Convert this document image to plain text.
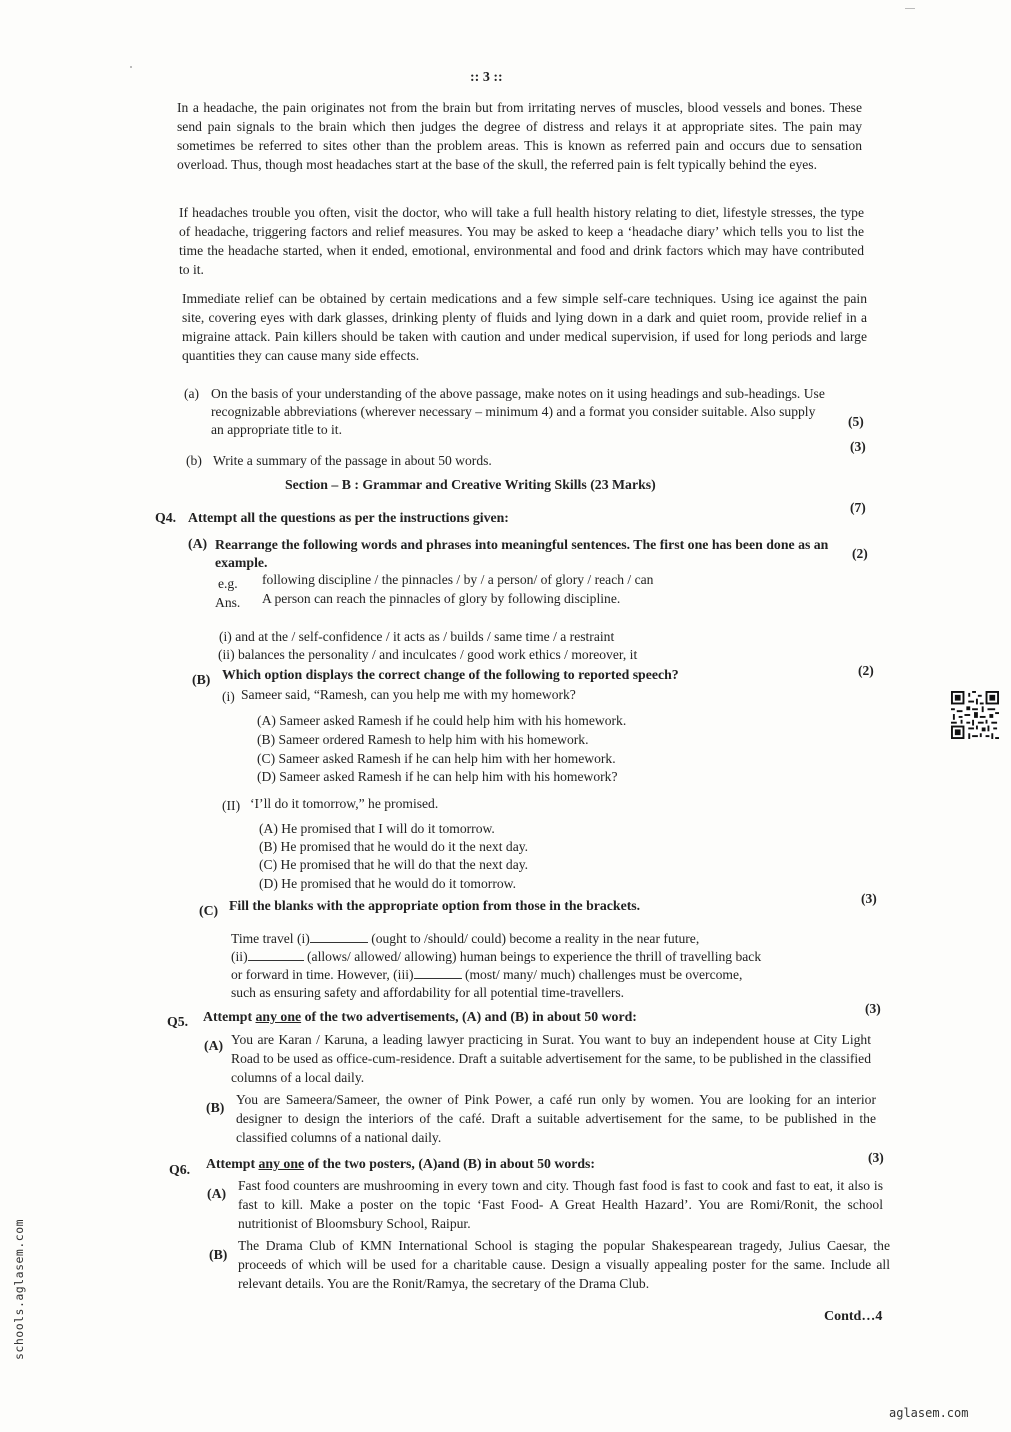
:: 3 ::
In a headache, the pain originates not from the brain but from irritating nerves of muscles, blood vessels and bones. These send pain signals to the brain which then judges the degree of distress and relays it at appropriate sites. The pain may sometimes be referred to sites other than the problem areas. This is known as referred pain and occurs due to sensation overload. Thus, though most headaches start at the base of the skull, the referred pain is felt typically behind the eyes.
If headaches trouble you often, visit the doctor, who will take a full health history relating to diet, lifestyle stresses, the type of headache, triggering factors and relief measures. You may be asked to keep a ‘headache diary’ which tells you to list the time the headache started, when it ended, emotional, environmental and food and drink factors which may have contributed to it.
Immediate relief can be obtained by certain medications and a few simple self-care techniques. Using ice against the pain site, covering eyes with dark glasses, drinking plenty of fluids and lying down in a dark and quiet room, provide relief in a migraine attack. Pain killers should be taken with caution and under medical supervision, if used for long periods and large quantities they can cause many side effects.
(a) On the basis of your understanding of the above passage, make notes on it using headings and sub-headings. Use recognizable abbreviations (wherever necessary – minimum 4) and a format you consider suitable. Also supply an appropriate title to it.
(5)
(b) Write a summary of the passage in about 50 words.
(3)
Section – B : Grammar and Creative Writing Skills (23 Marks)
Q4. Attempt all the questions as per the instructions given:
(7)
(A) Rearrange the following words and phrases into meaningful sentences. The first one has been done as an example.
(2)
e.g. following discipline / the pinnacles / by / a person/ of glory / reach / can
Ans. A person can reach the pinnacles of glory by following discipline.
(i) and at the / self-confidence / it acts as / builds / same time / a restraint
(ii) balances the personality / and inculcates / good work ethics / moreover, it
(B) Which option displays the correct change of the following to reported speech?	(2)
(i) Sameer said, “Ramesh, can you help me with my homework?
(A) Sameer asked Ramesh if he could help him with his homework.
(B) Sameer ordered Ramesh to help him with his homework.
(C) Sameer asked Ramesh if he can help him with her homework.
(D) Sameer asked Ramesh if he can help him with his homework?
(II) ‘I’ll do it tomorrow,” he promised.
(A) He promised that I will do it tomorrow.
(B) He promised that he would do it the next day.
(C) He promised that he will do that the next day.
(D) He promised that he would do it tomorrow.
(C) Fill the blanks with the appropriate option from those in the brackets.	(3)
Time travel (i)	(ought to /should/ could) become a reality in the near future,
(ii)	(allows/ allowed/ allowing) human beings to experience the thrill of travelling back
or forward in time. However, (iii)	(most/ many/ much) challenges must be overcome,
such as ensuring safety and affordability for all potential time-travellers.
Q5. Attempt any one of the two advertisements, (A) and (B) in about 50 word:
(3)
(A) You are Karan / Karuna, a leading lawyer practicing in Surat. You want to buy an independent house at City Light Road to be used as office-cum-residence. Draft a suitable advertisement for the same, to be published in the classified columns of a local daily.
(B)
You are Sameera/Sameer, the owner of Pink Power, a café run only by women. You are looking for an interior designer to design the interiors of the café. Draft a suitable advertisement for the same, to be published in the classified columns of a national daily.
Q6. Attempt any one of the two posters, (A)and (B) in about 50 words:	(3)
(A)
Fast food counters are mushrooming in every town and city. Though fast food is fast to cook and fast to eat, it also is fast to kill. Make a poster on the topic ‘Fast Food- A Great Health Hazard’. You are Romi/Ronit, the school nutritionist of Bloomsbury School, Raipur.
(B)
The Drama Club of KMN International School is staging the popular Shakespearean tragedy, Julius Caesar, the proceeds of which will be used for a charitable cause. Design a visually appealing poster for the same. Include all relevant details. You are the Ronit/Ramya, the secretary of the Drama Club.
Contd…4
schools.aglasem.com
aglasem.com
